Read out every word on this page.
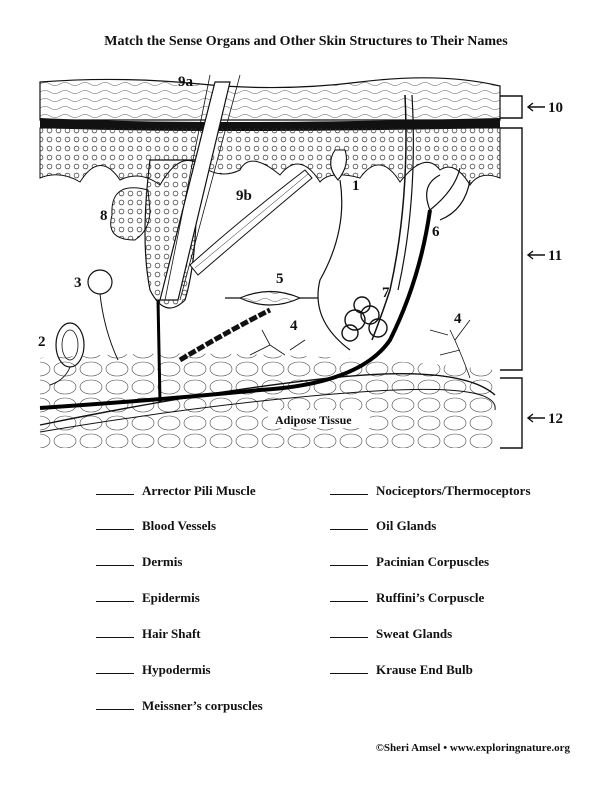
Match the Sense Organs and Other Skin Structures to Their Names
9a
9b
8
1
6
3	5
7
4	4
2
10
11
12
Adipose Tissue
Arrector Pili Muscle
Blood Vessels
Dermis
Epidermis
Hair Shaft
Hypodermis
Meissner’s corpuscles
Nociceptors/Thermoceptors
Oil Glands
Pacinian Corpuscles
Ruffini’s Corpuscle
Sweat Glands
Krause End Bulb
©Sheri Amsel • www.exploringnature.org
